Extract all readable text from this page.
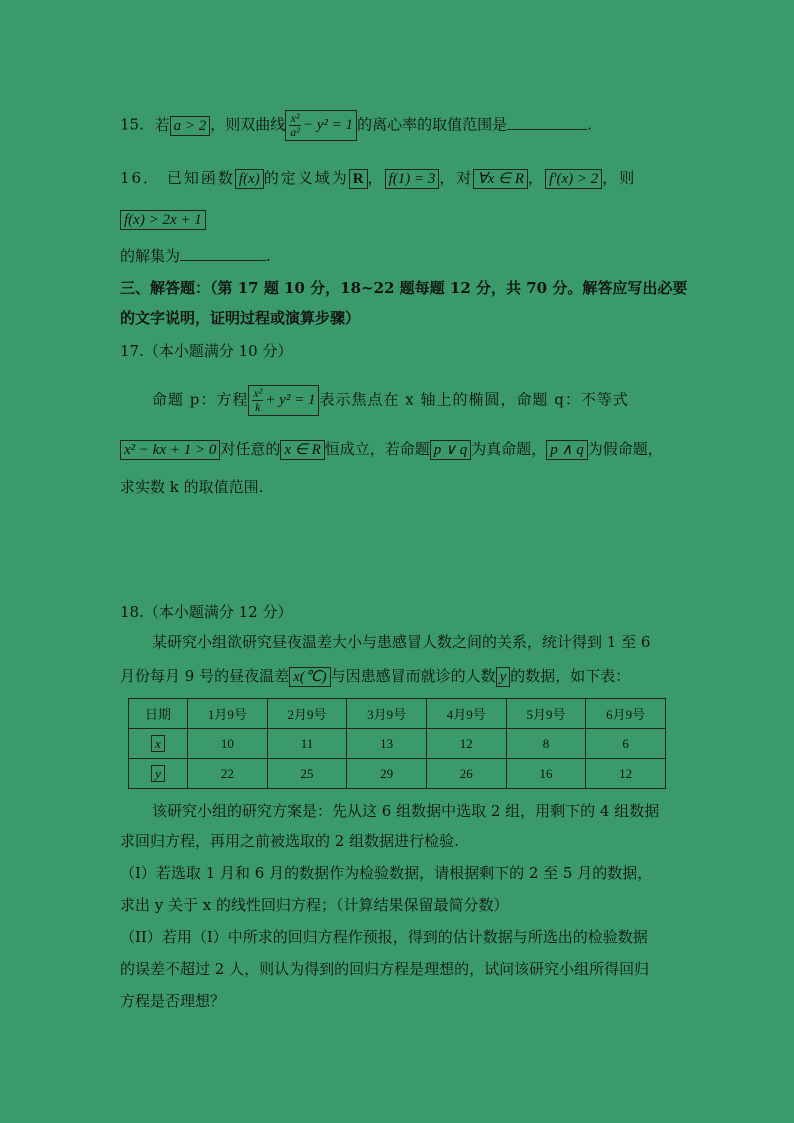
15. 若 a > 2 ，则双曲线 $\frac{\text{x²}}{\text{a²}} - y^2 = 1$ 的离心率的取值范围是	.
16． 已知函数 f(x) 的定义域为 R ， f(1) = 3 ，对 ∀x ∈ R ， f′(x) > 2 ，则
f(x) > 2x + 1
的解集为	.
三、解答题：（第 17 题 10 分，18~22 题每题 12 分，共 70 分。解答应写出必要
的文字说明，证明过程或演算步骤）
17.（本小题满分 10 分）
命题 p：方程 $\frac{\text{x²}}{k} + y^2 = 1$ 表示焦点在 x 轴上的椭圆，命题 q：不等式
x² − kx + 1 > 0 对任意的 x ∈ R 恒成立，若命题 p ∨ q 为真命题， p ∧ q 为假命题，
求实数 k 的取值范围.
18.（本小题满分 12 分）
某研究小组欲研究昼夜温差大小与患感冒人数之间的关系，统计得到 1 至 6
月份每月 9 号的昼夜温差 x(℃) 与因患感冒而就诊的人数 y 的数据，如下表：
日期	1月9号	2月9号	3月9号	4月9号	5月9号	6月9号
x	10	11	13	12	8	6
y	22	25	29	26	16	12
该研究小组的研究方案是：先从这 6 组数据中选取 2 组，用剩下的 4 组数据
求回归方程，再用之前被选取的 2 组数据进行检验.
（I）若选取 1 月和 6 月的数据作为检验数据，请根据剩下的 2 至 5 月的数据，
求出 y 关于 x 的线性回归方程；（计算结果保留最简分数）
（II）若用（I）中所求的回归方程作预报，得到的估计数据与所选出的检验数据
的误差不超过 2 人，则认为得到的回归方程是理想的，试问该研究小组所得回归
方程是否理想？
